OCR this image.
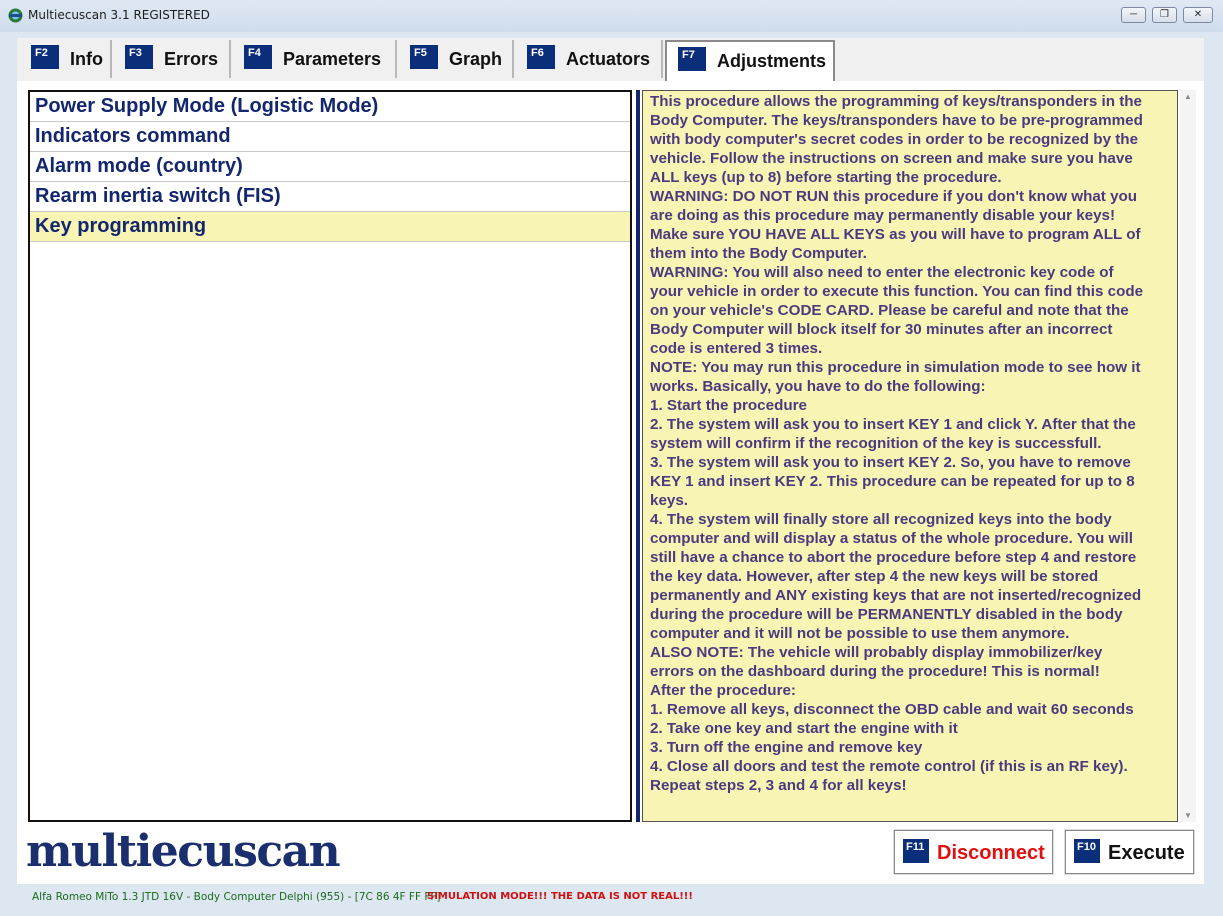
Multiecuscan 3.1 REGISTERED	─	❐	✕
F2	Info	F3	Errors	F4	Parameters	F5	Graph	F6	Actuators	F7	Adjustments
Power Supply Mode (Logistic Mode)
Indicators command
Alarm mode (country)
Rearm inertia switch (FIS)
Key programming
This procedure allows the programming of keys/transponders in the
Body Computer. The keys/transponders have to be pre-programmed
with body computer's secret codes in order to be recognized by the
vehicle. Follow the instructions on screen and make sure you have
ALL keys (up to 8) before starting the procedure.
WARNING: DO NOT RUN this procedure if you don't know what you
are doing as this procedure may permanently disable your keys!
Make sure YOU HAVE ALL KEYS as you will have to program ALL of
them into the Body Computer.
WARNING: You will also need to enter the electronic key code of
your vehicle in order to execute this function. You can find this code
on your vehicle's CODE CARD. Please be careful and note that the
Body Computer will block itself for 30 minutes after an incorrect
code is entered 3 times.
NOTE: You may run this procedure in simulation mode to see how it
works. Basically, you have to do the following:
1. Start the procedure
2. The system will ask you to insert KEY 1 and click Y. After that the
system will confirm if the recognition of the key is successfull.
3. The system will ask you to insert KEY 2. So, you have to remove
KEY 1 and insert KEY 2. This procedure can be repeated for up to 8
keys.
4. The system will finally store all recognized keys into the body
computer and will display a status of the whole procedure. You will
still have a chance to abort the procedure before step 4 and restore
the key data. However, after step 4 the new keys will be stored
permanently and ANY existing keys that are not inserted/recognized
during the procedure will be PERMANENTLY disabled in the body
computer and it will not be possible to use them anymore.
ALSO NOTE: The vehicle will probably display immobilizer/key
errors on the dashboard during the procedure! This is normal!
After the procedure:
1. Remove all keys, disconnect the OBD cable and wait 60 seconds
2. Take one key and start the engine with it
3. Turn off the engine and remove key
4. Close all doors and test the remote control (if this is an RF key).
Repeat steps 2, 3 and 4 for all keys!
▲
▼
multiecuscan	F11 Disconnect	F10 Execute
Alfa Romeo MiTo 1.3 JTD 16V - Body Computer Delphi (955) - [7C 86 4F FF FF]
SIMULATION MODE!!! THE DATA IS NOT REAL!!!
